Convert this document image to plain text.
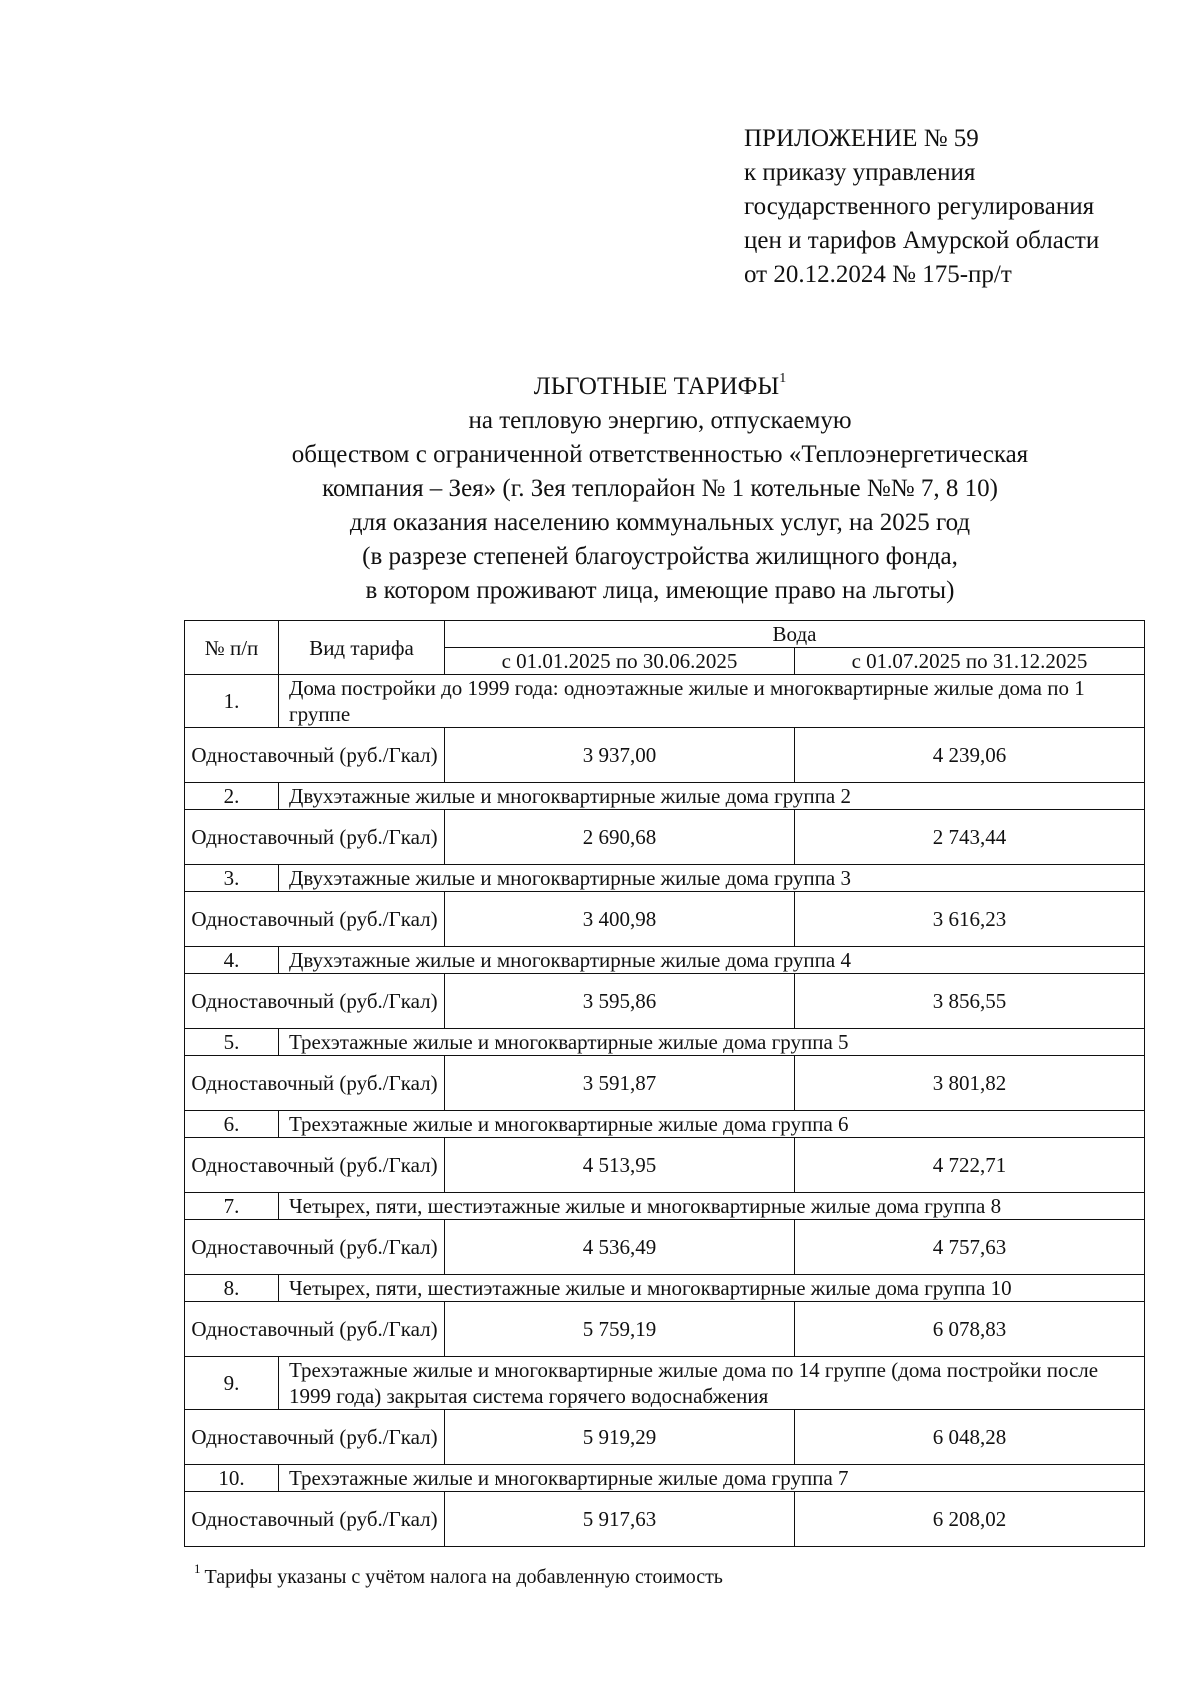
ПРИЛОЖЕНИЕ № 59
к приказу управления
государственного регулирования
цен и тарифов Амурской области
от 20.12.2024 № 175-пр/т
ЛЬГОТНЫЕ ТАРИФЫ$^1$
на тепловую энергию, отпускаемую
обществом с ограниченной ответственностью «Теплоэнергетическая
компания – Зея» (г. Зея теплорайон № 1 котельные №№ 7, 8 10)
для оказания населению коммунальных услуг, на 2025 год
(в разрезе степеней благоустройства жилищного фонда,
в котором проживают лица, имеющие право на льготы)
№ п/п	Вид тарифа	Вода	
		с 01.01.2025 по 30.06.2025	с 01.07.2025 по 31.12.2025
1.	Дома постройки до 1999 года: одноэтажные жилые и многоквартирные жилые дома по 1 группе		
Одноставочный (руб./Гкал)		3 937,00	4 239,06
2.	Двухэтажные жилые и многоквартирные жилые дома группа 2		
Одноставочный (руб./Гкал)		2 690,68	2 743,44
3.	Двухэтажные жилые и многоквартирные жилые дома группа 3		
Одноставочный (руб./Гкал)		3 400,98	3 616,23
4.	Двухэтажные жилые и многоквартирные жилые дома группа 4		
Одноставочный (руб./Гкал)		3 595,86	3 856,55
5.	Трехэтажные жилые и многоквартирные жилые дома группа 5		
Одноставочный (руб./Гкал)		3 591,87	3 801,82
6.	Трехэтажные жилые и многоквартирные жилые дома группа 6		
Одноставочный (руб./Гкал)		4 513,95	4 722,71
7.	Четырех, пяти, шестиэтажные жилые и многоквартирные жилые дома группа 8		
Одноставочный (руб./Гкал)		4 536,49	4 757,63
8.	Четырех, пяти, шестиэтажные жилые и многоквартирные жилые дома группа 10		
Одноставочный (руб./Гкал)		5 759,19	6 078,83
9.	Трехэтажные жилые и многоквартирные жилые дома по 14 группе (дома постройки после 1999 года) закрытая система горячего водоснабжения		
Одноставочный (руб./Гкал)		5 919,29	6 048,28
10.	Трехэтажные жилые и многоквартирные жилые дома группа 7		
Одноставочный (руб./Гкал)		5 917,63	6 208,02
$^1$ Тарифы указаны с учётом налога на добавленную стоимость
